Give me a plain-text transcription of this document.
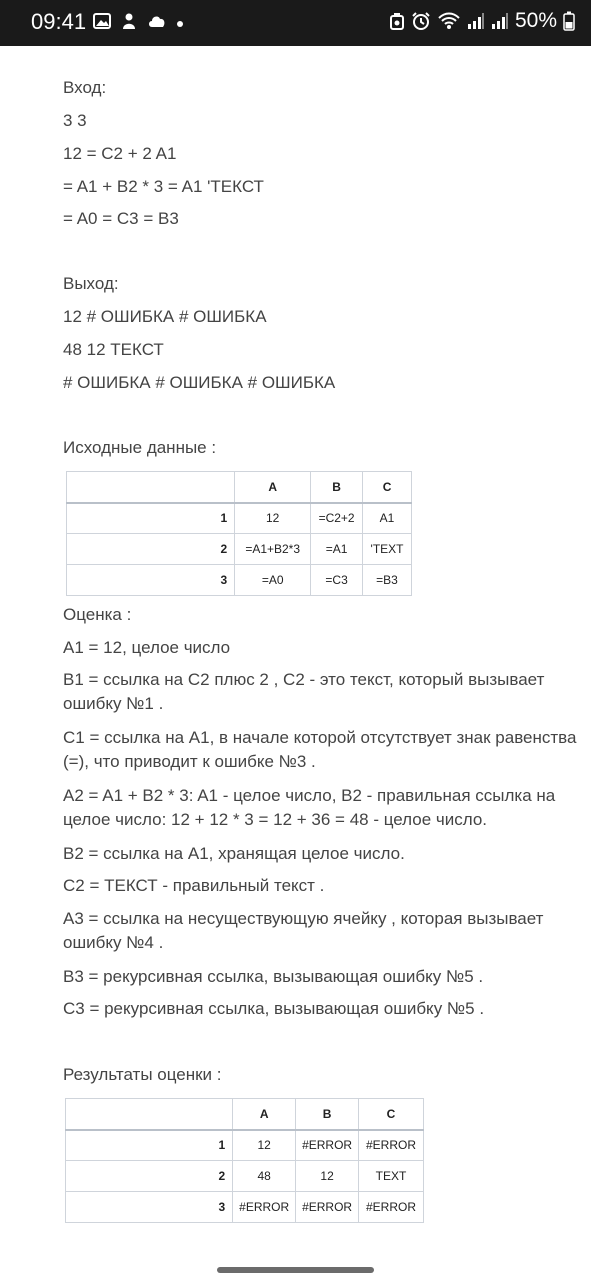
09:41	50%
Вход:
3 3
12 = C2 + 2 A1
= A1 + B2 * 3 = A1 'ТЕКСТ
= A0 = C3 = B3
Выход:
12 # ОШИБКА # ОШИБКА
48 12 ТЕКСТ
# ОШИБКА # ОШИБКА # ОШИБКА
Исходные данные :
	A	B	C
1	12	=C2+2	A1
2	=A1+B2*3	=A1	'TEXT
3	=A0	=C3	=B3
Оценка :
A1 = 12, целое число
B1 = ссылка на C2 плюс 2 , C2 - это текст, который вызывает ошибку №1 .
C1 = ссылка на A1, в начале которой отсутствует знак равенства (=), что приводит к ошибке №3 .
A2 = A1 + B2 * 3: A1 - целое число, B2 - правильная ссылка на целое число: 12 + 12 * 3 = 12 + 36 = 48 - целое число.
B2 = ссылка на A1, хранящая целое число.
C2 = ТЕКСТ - правильный текст .
A3 = ссылка на несуществующую ячейку , которая вызывает ошибку №4 .
B3 = рекурсивная ссылка, вызывающая ошибку №5 .
C3 = рекурсивная ссылка, вызывающая ошибку №5 .
Результаты оценки :
	A	B	C
1	12	#ERROR	#ERROR
2	48	12	TEXT
3	#ERROR	#ERROR	#ERROR
